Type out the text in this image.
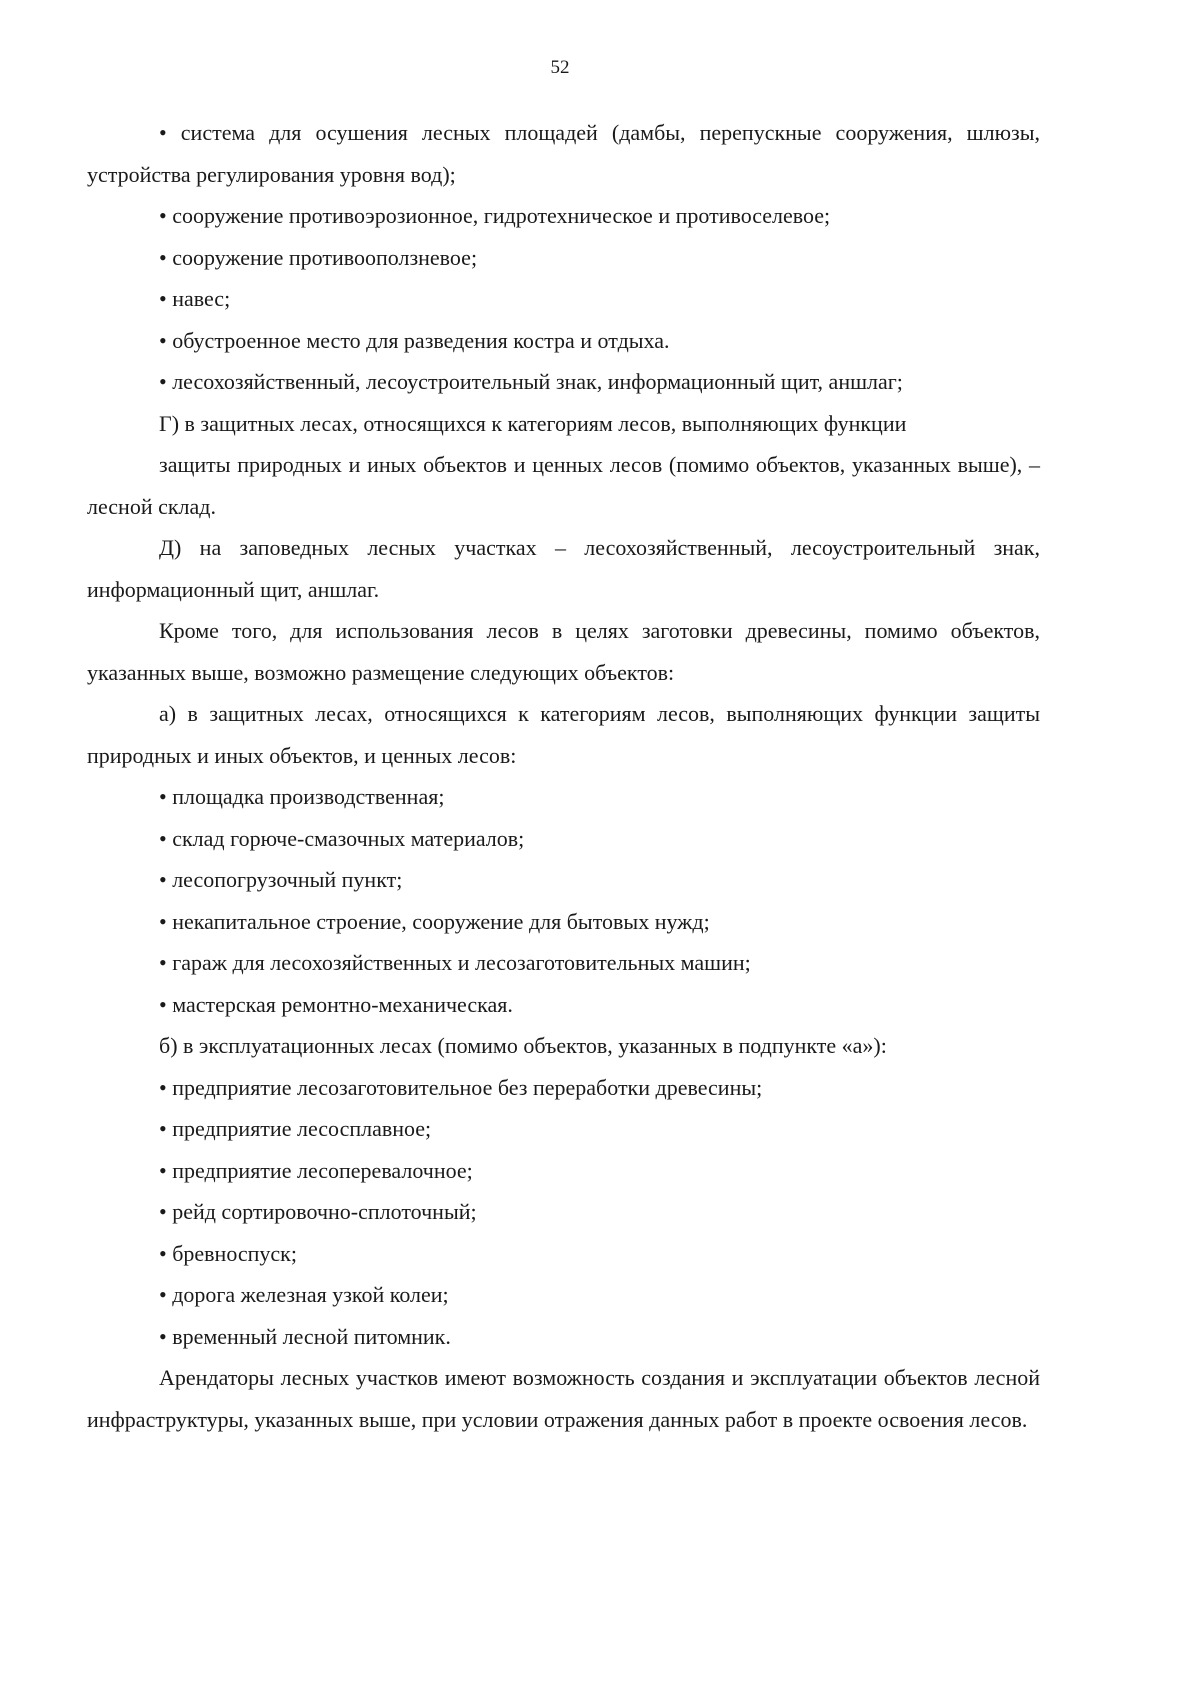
52

• система для осушения лесных площадей (дамбы, перепускные сооружения, шлюзы, устройства регулирования уровня вод);

• сооружение противоэрозионное, гидротехническое и противоселевое;

• сооружение противооползневое;

• навес;

• обустроенное место для разведения костра и отдыха.

• лесохозяйственный, лесоустроительный знак, информационный щит, аншлаг;

Г) в защитных лесах, относящихся к категориям лесов, выполняющих функции

защиты природных и иных объектов и ценных лесов (помимо объектов, указанных выше), – лесной склад.

Д) на заповедных лесных участках – лесохозяйственный, лесоустроительный знак, информационный щит, аншлаг.

Кроме того, для использования лесов в целях заготовки древесины, помимо объектов, указанных выше, возможно размещение следующих объектов:

а) в защитных лесах, относящихся к категориям лесов, выполняющих функции защиты природных и иных объектов, и ценных лесов:

• площадка производственная;

• склад горюче-смазочных материалов;

• лесопогрузочный пункт;

• некапитальное строение, сооружение для бытовых нужд;

• гараж для лесохозяйственных и лесозаготовительных машин;

• мастерская ремонтно-механическая.

б) в эксплуатационных лесах (помимо объектов, указанных в подпункте «а»):

• предприятие лесозаготовительное без переработки древесины;

• предприятие лесосплавное;

• предприятие лесоперевалочное;

• рейд сортировочно-сплоточный;

• бревноспуск;

• дорога железная узкой колеи;

• временный лесной питомник.

Арендаторы лесных участков имеют возможность создания и эксплуатации объектов лесной инфраструктуры, указанных выше, при условии отражения данных работ в проекте освоения лесов.
